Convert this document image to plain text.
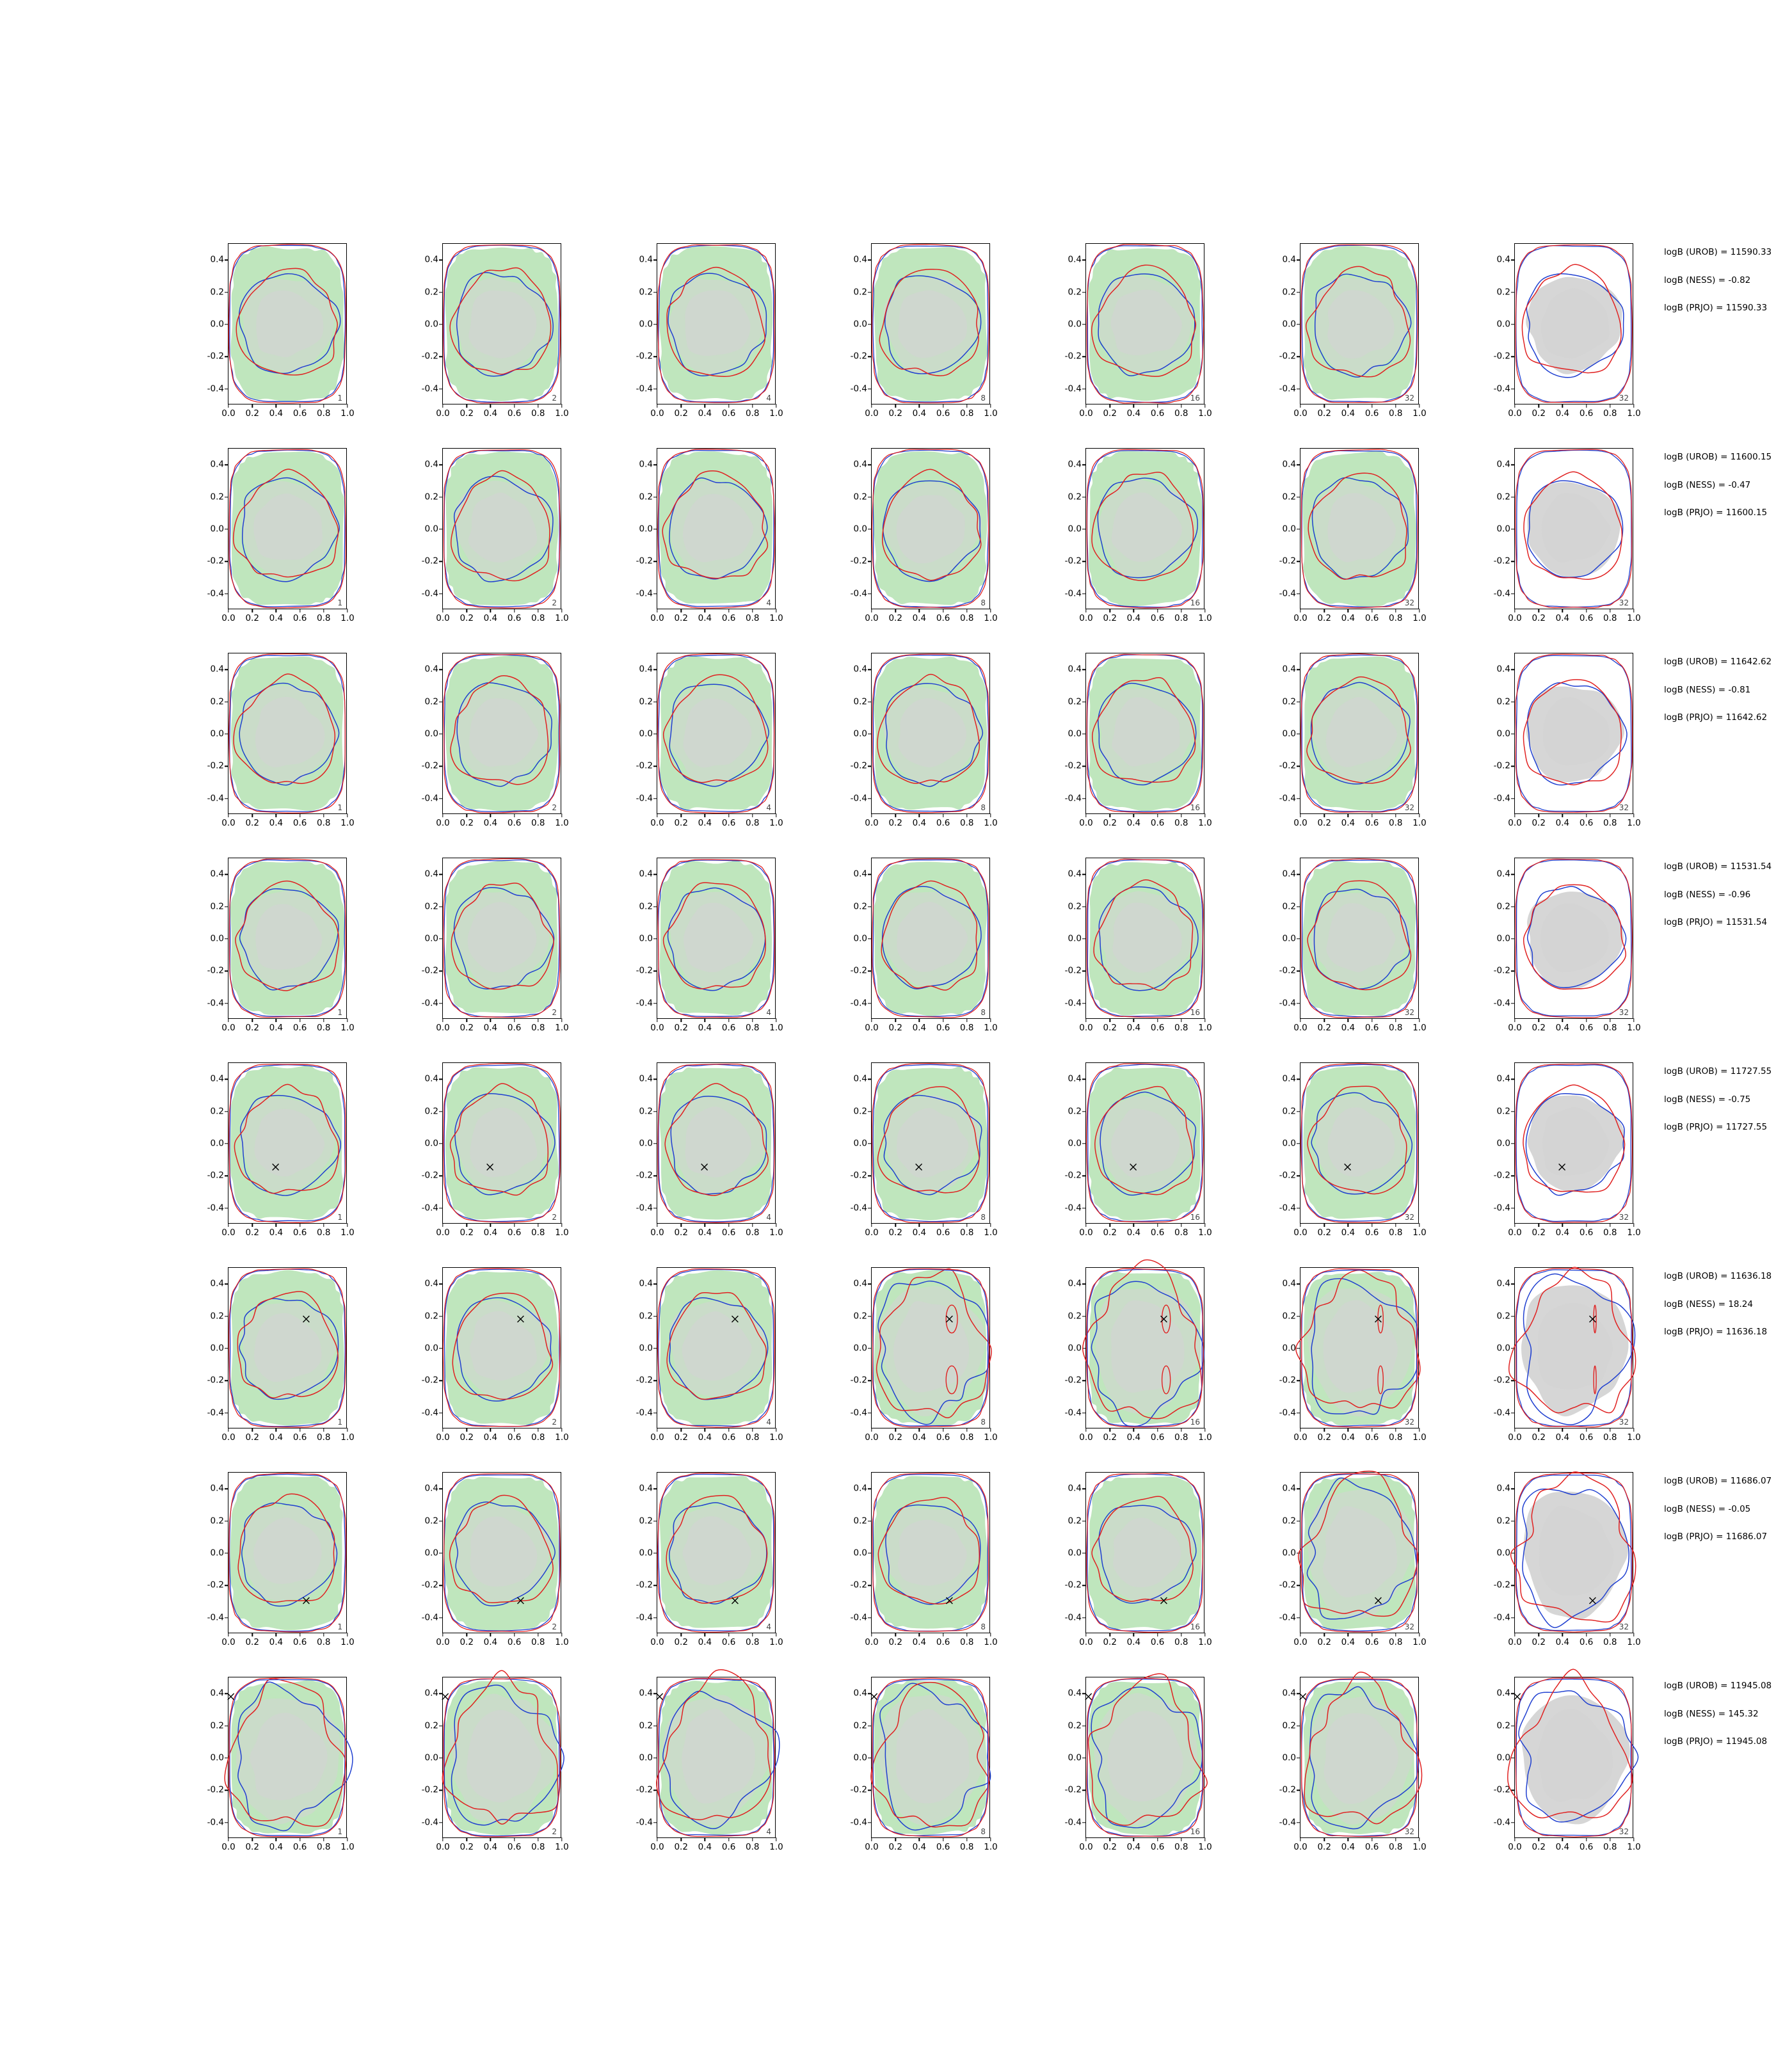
-0.4
-0.2
0.0
0.2
0.4
0.0 0.2 0.4 0.6 0.8 1.0
1
-0.4
-0.2
0.0
0.2
0.4
0.0 0.2 0.4 0.6 0.8 1.0
2
-0.4
-0.2
0.0
0.2
0.4
0.0 0.2 0.4 0.6 0.8 1.0
4
-0.4
-0.2
0.0
0.2
0.4
0.0 0.2 0.4 0.6 0.8 1.0
8
-0.4
-0.2
0.0
0.2
0.4
0.0 0.2 0.4 0.6 0.8 1.0
16
-0.4
-0.2
0.0
0.2
0.4
0.0 0.2 0.4 0.6 0.8 1.0
32
-0.4
-0.2
0.0
0.2
0.4
0.0 0.2 0.4 0.6 0.8 1.0
32
logB (UROB) = 11590.33
logB (NESS) = -0.82
logB (PRJO) = 11590.33
-0.4
-0.2
0.0
0.2
0.4
0.0 0.2 0.4 0.6 0.8 1.0
1
-0.4
-0.2
0.0
0.2
0.4
0.0 0.2 0.4 0.6 0.8 1.0
2
-0.4
-0.2
0.0
0.2
0.4
0.0 0.2 0.4 0.6 0.8 1.0
4
-0.4
-0.2
0.0
0.2
0.4
0.0 0.2 0.4 0.6 0.8 1.0
8
-0.4
-0.2
0.0
0.2
0.4
0.0 0.2 0.4 0.6 0.8 1.0
16
-0.4
-0.2
0.0
0.2
0.4
0.0 0.2 0.4 0.6 0.8 1.0
32
-0.4
-0.2
0.0
0.2
0.4
0.0 0.2 0.4 0.6 0.8 1.0
32
logB (UROB) = 11600.15
logB (NESS) = -0.47
logB (PRJO) = 11600.15
-0.4
-0.2
0.0
0.2
0.4
0.0 0.2 0.4 0.6 0.8 1.0
1
-0.4
-0.2
0.0
0.2
0.4
0.0 0.2 0.4 0.6 0.8 1.0
2
-0.4
-0.2
0.0
0.2
0.4
0.0 0.2 0.4 0.6 0.8 1.0
4
-0.4
-0.2
0.0
0.2
0.4
0.0 0.2 0.4 0.6 0.8 1.0
8
-0.4
-0.2
0.0
0.2
0.4
0.0 0.2 0.4 0.6 0.8 1.0
16
-0.4
-0.2
0.0
0.2
0.4
0.0 0.2 0.4 0.6 0.8 1.0
32
-0.4
-0.2
0.0
0.2
0.4
0.0 0.2 0.4 0.6 0.8 1.0
32
logB (UROB) = 11642.62
logB (NESS) = -0.81
logB (PRJO) = 11642.62
-0.4
-0.2
0.0
0.2
0.4
0.0 0.2 0.4 0.6 0.8 1.0
1
-0.4
-0.2
0.0
0.2
0.4
0.0 0.2 0.4 0.6 0.8 1.0
2
-0.4
-0.2
0.0
0.2
0.4
0.0 0.2 0.4 0.6 0.8 1.0
4
-0.4
-0.2
0.0
0.2
0.4
0.0 0.2 0.4 0.6 0.8 1.0
8
-0.4
-0.2
0.0
0.2
0.4
0.0 0.2 0.4 0.6 0.8 1.0
16
-0.4
-0.2
0.0
0.2
0.4
0.0 0.2 0.4 0.6 0.8 1.0
32
-0.4
-0.2
0.0
0.2
0.4
0.0 0.2 0.4 0.6 0.8 1.0
32
logB (UROB) = 11531.54
logB (NESS) = -0.96
logB (PRJO) = 11531.54
-0.4
-0.2
0.0
0.2
0.4
0.0 0.2 0.4 0.6 0.8 1.0
1
-0.4
-0.2
0.0
0.2
0.4
0.0 0.2 0.4 0.6 0.8 1.0
2
-0.4
-0.2
0.0
0.2
0.4
0.0 0.2 0.4 0.6 0.8 1.0
4
-0.4
-0.2
0.0
0.2
0.4
0.0 0.2 0.4 0.6 0.8 1.0
8
-0.4
-0.2
0.0
0.2
0.4
0.0 0.2 0.4 0.6 0.8 1.0
16
-0.4
-0.2
0.0
0.2
0.4
0.0 0.2 0.4 0.6 0.8 1.0
32
-0.4
-0.2
0.0
0.2
0.4
0.0 0.2 0.4 0.6 0.8 1.0
32
logB (UROB) = 11727.55
logB (NESS) = -0.75
logB (PRJO) = 11727.55
-0.4
-0.2
0.0
0.2
0.4
0.0 0.2 0.4 0.6 0.8 1.0
1
-0.4
-0.2
0.0
0.2
0.4
0.0 0.2 0.4 0.6 0.8 1.0
2
-0.4
-0.2
0.0
0.2
0.4
0.0 0.2 0.4 0.6 0.8 1.0
4
-0.4
-0.2
0.0
0.2
0.4
0.0 0.2 0.4 0.6 0.8 1.0
8
-0.4
-0.2
0.0
0.2
0.4
0.0 0.2 0.4 0.6 0.8 1.0
16
-0.4
-0.2
0.0
0.2
0.4
0.0 0.2 0.4 0.6 0.8 1.0
32
-0.4
-0.2
0.0
0.2
0.4
0.0 0.2 0.4 0.6 0.8 1.0
32
logB (UROB) = 11636.18
logB (NESS) = 18.24
logB (PRJO) = 11636.18
-0.4
-0.2
0.0
0.2
0.4
0.0 0.2 0.4 0.6 0.8 1.0
1
-0.4
-0.2
0.0
0.2
0.4
0.0 0.2 0.4 0.6 0.8 1.0
2
-0.4
-0.2
0.0
0.2
0.4
0.0 0.2 0.4 0.6 0.8 1.0
4
-0.4
-0.2
0.0
0.2
0.4
0.0 0.2 0.4 0.6 0.8 1.0
8
-0.4
-0.2
0.0
0.2
0.4
0.0 0.2 0.4 0.6 0.8 1.0
16
-0.4
-0.2
0.0
0.2
0.4
0.0 0.2 0.4 0.6 0.8 1.0
32
-0.4
-0.2
0.0
0.2
0.4
0.0 0.2 0.4 0.6 0.8 1.0
32
logB (UROB) = 11686.07
logB (NESS) = -0.05
logB (PRJO) = 11686.07
-0.4
-0.2
0.0
0.2
0.4
0.0 0.2 0.4 0.6 0.8 1.0
1
-0.4
-0.2
0.0
0.2
0.4
0.0 0.2 0.4 0.6 0.8 1.0
2
-0.4
-0.2
0.0
0.2
0.4
0.0 0.2 0.4 0.6 0.8 1.0
4
-0.4
-0.2
0.0
0.2
0.4
0.0 0.2 0.4 0.6 0.8 1.0
8
-0.4
-0.2
0.0
0.2
0.4
0.0 0.2 0.4 0.6 0.8 1.0
16
-0.4
-0.2
0.0
0.2
0.4
0.0 0.2 0.4 0.6 0.8 1.0
32
-0.4
-0.2
0.0
0.2
0.4
0.0 0.2 0.4 0.6 0.8 1.0
32
logB (UROB) = 11945.08
logB (NESS) = 145.32
logB (PRJO) = 11945.08
